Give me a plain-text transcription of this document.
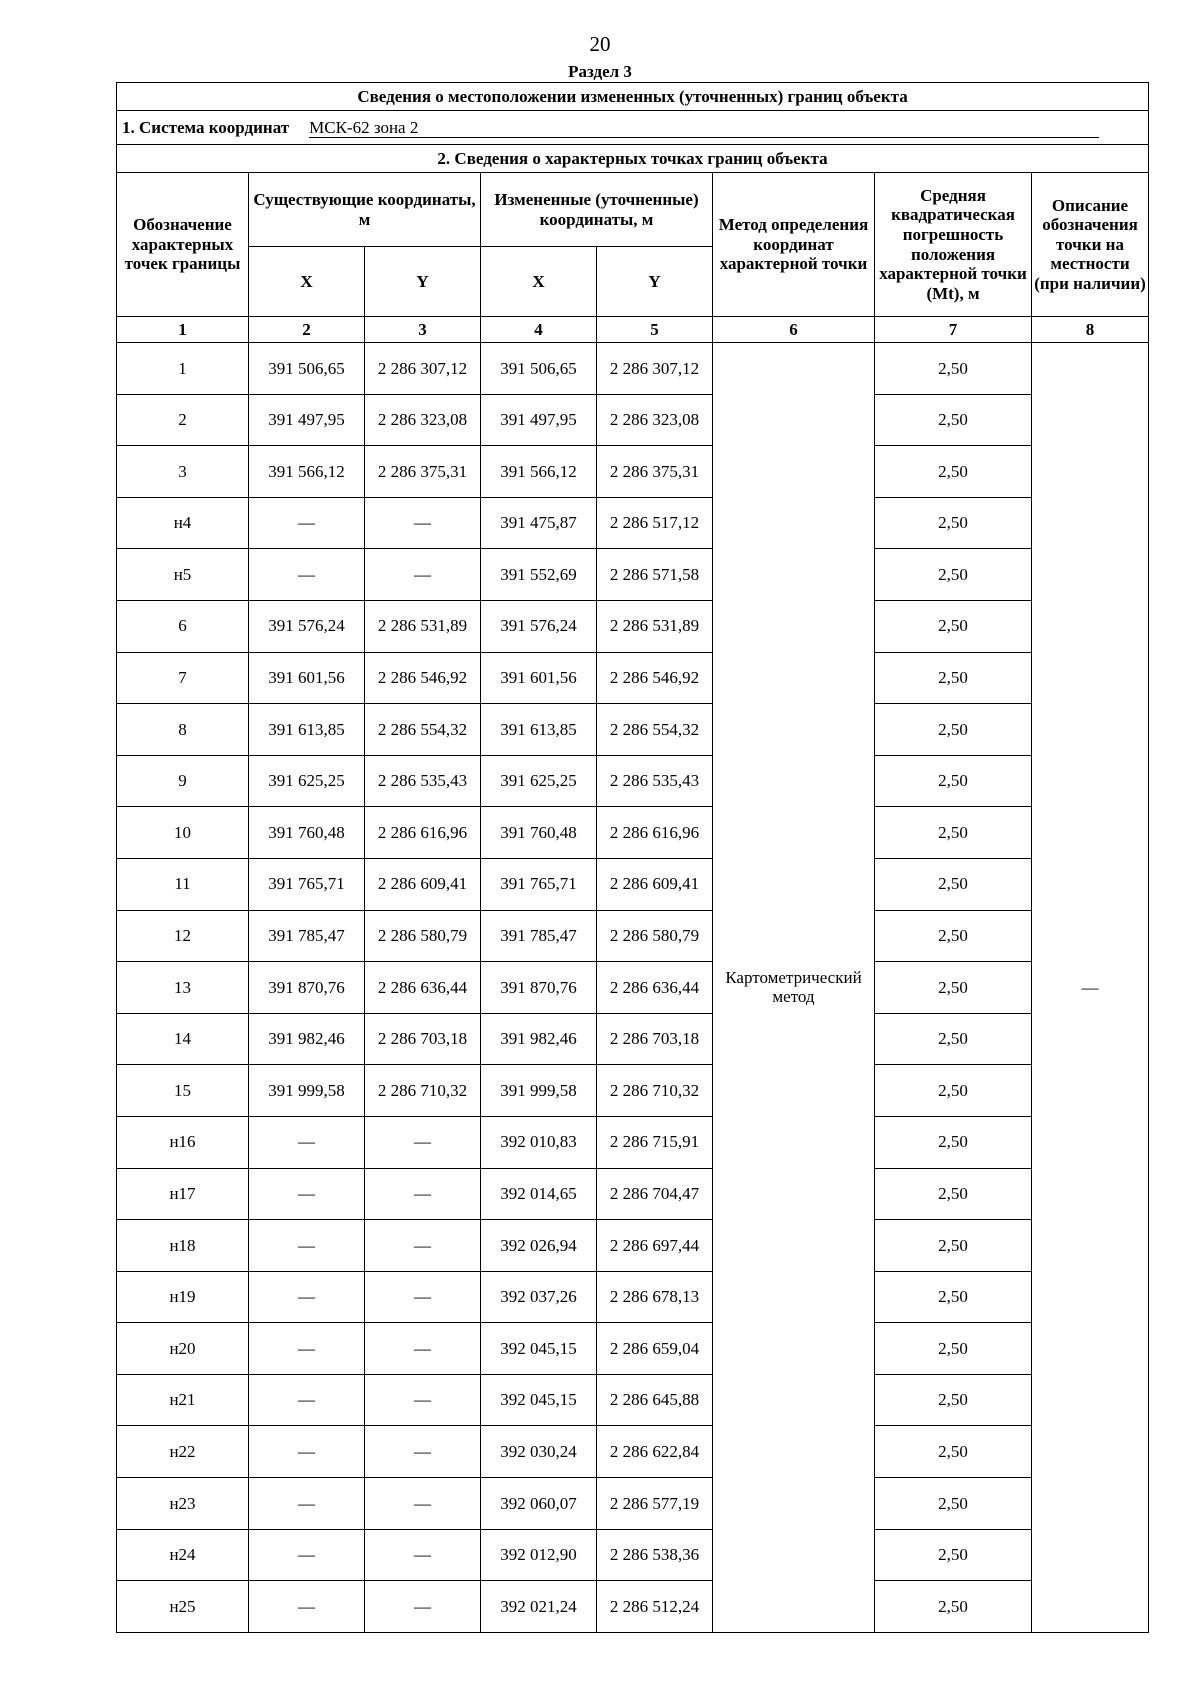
20
Раздел 3
Сведения о местоположении измененных (уточненных) границ объекта							
1. Система координат МСК-62 зона 2							
2. Сведения о характерных точках границ объекта							
Обозначение характерных точек границы	Существующие координаты, м		Измененные (уточненные) координаты, м		Метод определения координат характерной точки	Средняя квадратическая погрешность положения характерной точки (Mt), м	Описание обозначения точки на местности (при наличии)
	X	Y	X	Y			
1	2	3	4	5	6	7	8
1	391 506,65	2 286 307,12	391 506,65	2 286 307,12	Картометрический метод	2,50	—
2	391 497,95	2 286 323,08	391 497,95	2 286 323,08		2,50	
3	391 566,12	2 286 375,31	391 566,12	2 286 375,31		2,50	
н4	—	—	391 475,87	2 286 517,12		2,50	
н5	—	—	391 552,69	2 286 571,58		2,50	
6	391 576,24	2 286 531,89	391 576,24	2 286 531,89		2,50	
7	391 601,56	2 286 546,92	391 601,56	2 286 546,92		2,50	
8	391 613,85	2 286 554,32	391 613,85	2 286 554,32		2,50	
9	391 625,25	2 286 535,43	391 625,25	2 286 535,43		2,50	
10	391 760,48	2 286 616,96	391 760,48	2 286 616,96		2,50	
11	391 765,71	2 286 609,41	391 765,71	2 286 609,41		2,50	
12	391 785,47	2 286 580,79	391 785,47	2 286 580,79		2,50	
13	391 870,76	2 286 636,44	391 870,76	2 286 636,44		2,50	
14	391 982,46	2 286 703,18	391 982,46	2 286 703,18		2,50	
15	391 999,58	2 286 710,32	391 999,58	2 286 710,32		2,50	
н16	—	—	392 010,83	2 286 715,91		2,50	
н17	—	—	392 014,65	2 286 704,47		2,50	
н18	—	—	392 026,94	2 286 697,44		2,50	
н19	—	—	392 037,26	2 286 678,13		2,50	
н20	—	—	392 045,15	2 286 659,04		2,50	
н21	—	—	392 045,15	2 286 645,88		2,50	
н22	—	—	392 030,24	2 286 622,84		2,50	
н23	—	—	392 060,07	2 286 577,19		2,50	
н24	—	—	392 012,90	2 286 538,36		2,50	
н25	—	—	392 021,24	2 286 512,24		2,50	
